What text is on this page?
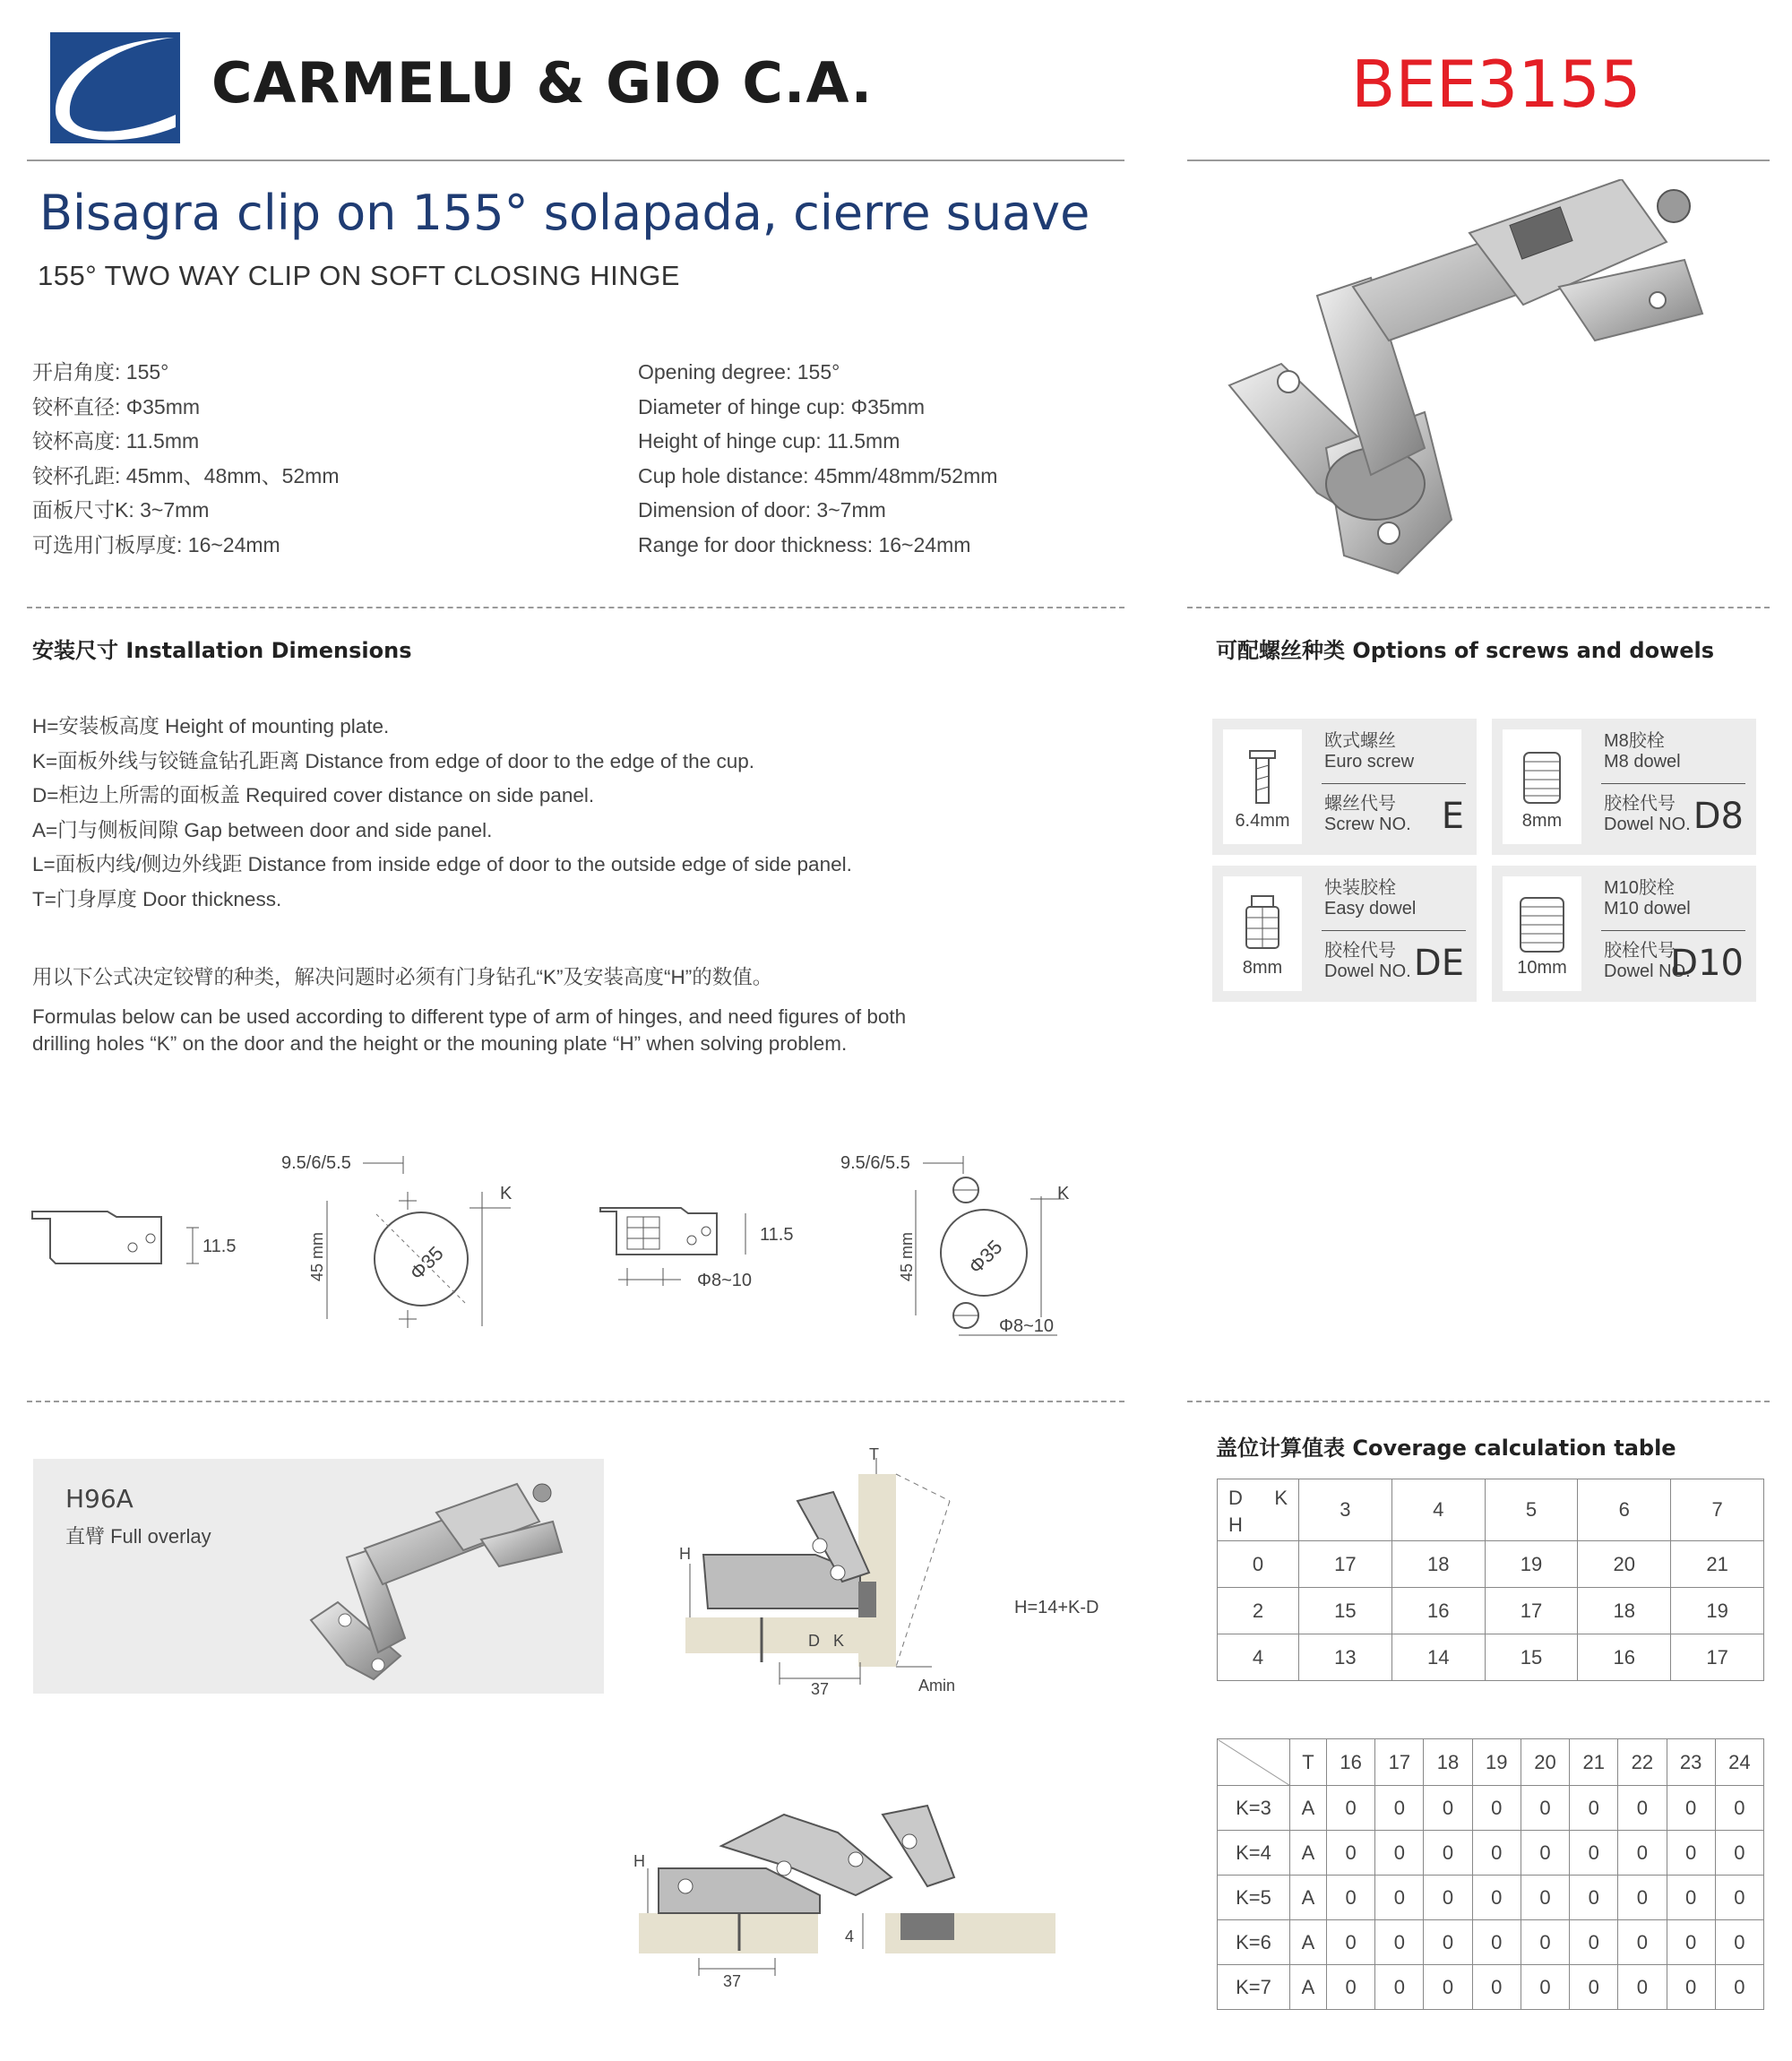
CARMELU & GIO C.A.	BEE3155
Bisagra clip on 155° solapada, cierre suave
155° TWO WAY CLIP ON SOFT CLOSING HINGE

开启角度: 155°

铰杯直径: Φ35mm

铰杯高度: 11.5mm

铰杯孔距: 45mm、48mm、52mm

面板尺寸K: 3~7mm

可选用门板厚度: 16~24mm

Opening degree: 155°

Diameter of hinge cup: Φ35mm

Height of hinge cup: 11.5mm

Cup hole distance: 45mm/48mm/52mm

Dimension of door: 3~7mm

Range for door thickness: 16~24mm

安装尺寸 Installation Dimensions
H=安装板高度 Height of mounting plate.
K=面板外线与铰链盒钻孔距离 Distance from edge of door to the edge of the cup.
D=柜边上所需的面板盖 Required cover distance on side panel.
A=门与侧板间隙 Gap between door and side panel.
L=面板内线/侧边外线距 Distance from inside edge of door to the outside edge of side panel.
T=门身厚度 Door thickness.
用以下公式决定铰臂的种类，解决问题时必须有门身钻孔“K”及安装高度“H”的数值。
Formulas below can be used according to different type of arm of hinges, and need figures of both
drilling holes “K” on the door and the height or the mouning plate “H” when solving problem.
11.5
9.5/6/5.5
Φ35
45 mm
K
11.5
Φ8~10
9.5/6/5.5
Φ35
45 mm
K
Φ8~10
可配螺丝种类 Options of screws and dowels
6.4mm
欧式螺丝
Euro screw
螺丝代号
Screw NO. E	8mm
M8胶栓
M8 dowel
胶栓代号
Dowel NO. D8
8mm
快装胶栓
Easy dowel
胶栓代号
Dowel NO. DE	10mm
M10胶栓
M10 dowel
胶栓代号
Dowel NO.
D10
H96A
直臂 Full overlay
T
H
D K
37	Amin
H=14+K-D
H
37
4
盖位计算值表 Coverage calculation table
D K
H	3	4	5	6	7
0	17	18	19	20	21
2	15	16	17	18	19
4	13	14	15	16	17
	T	16	17	18	19	20	21	22	23	24
K=3	A	0	0	0	0	0	0	0	0	0
K=4	A	0	0	0	0	0	0	0	0	0
K=5	A	0	0	0	0	0	0	0	0	0
K=6	A	0	0	0	0	0	0	0	0	0
K=7	A	0	0	0	0	0	0	0	0	0
